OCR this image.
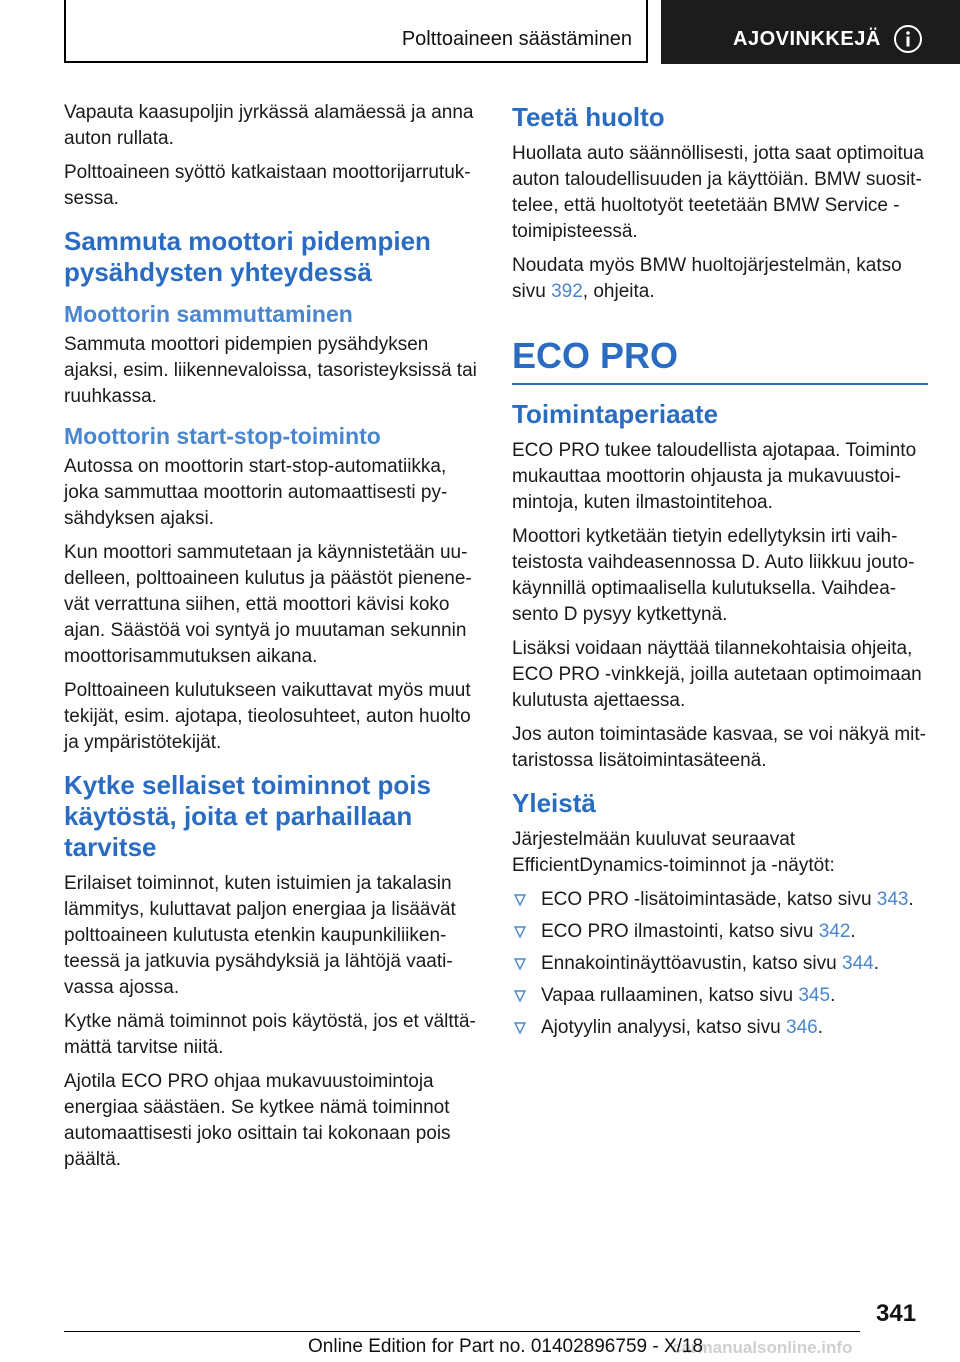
Polttoaineen säästäminen	AJOVINKKEJÄ

Vapauta kaasupoljin jyrkässä alamäessä ja anna auton rullata.

Polttoaineen syöttö katkaistaan moottorijarrutuksessa.

Sammuta moottori pidempien pysähdysten yhteydessä
Moottorin sammuttaminen

Sammuta moottori pidempien pysähdyksen ajaksi, esim. liikennevaloissa, tasoristeyksissä tai ruuhkassa.

Moottorin start-stop-toiminto

Autossa on moottorin start-stop-automatiikka, joka sammuttaa moottorin automaattisesti pysähdyksen ajaksi.

Kun moottori sammutetaan ja käynnistetään uudelleen, polttoaineen kulutus ja päästöt pienenevät verrattuna siihen, että moottori kävisi koko ajan. Säästöä voi syntyä jo muutaman sekunnin moottorisammutuksen aikana.

Polttoaineen kulutukseen vaikuttavat myös muut tekijät, esim. ajotapa, tieolosuhteet, auton huolto ja ympäristötekijät.

Kytke sellaiset toiminnot pois käytöstä, joita et parhaillaan tarvitse

Erilaiset toiminnot, kuten istuimien ja takalasin lämmitys, kuluttavat paljon energiaa ja lisäävät polttoaineen kulutusta etenkin kaupunkiliikenteessä ja jatkuvia pysähdyksiä ja lähtöjä vaativassa ajossa.

Kytke nämä toiminnot pois käytöstä, jos et välttämättä tarvitse niitä.

Ajotila ECO PRO ohjaa mukavuustoimintoja energiaa säästäen. Se kytkee nämä toiminnot automaattisesti joko osittain tai kokonaan pois päältä.

Teetä huolto

Huollata auto säännöllisesti, jotta saat optimoitua auton taloudellisuuden ja käyttöiän. BMW suosittelee, että huoltotyöt teetetään BMW Service -toimipisteessä.

Noudata myös BMW huoltojärjestelmän, katso sivu 392, ohjeita.

ECO PRO
Toimintaperiaate

ECO PRO tukee taloudellista ajotapaa. Toiminto mukauttaa moottorin ohjausta ja mukavuustoimintoja, kuten ilmastointitehoa.

Moottori kytketään tietyin edellytyksin irti vaihteistosta vaihdeasennossa D. Auto liikkuu joutokäynnillä optimaalisella kulutuksella. Vaihdeasento D pysyy kytkettynä.

Lisäksi voidaan näyttää tilannekohtaisia ohjeita, ECO PRO -vinkkejä, joilla autetaan optimoimaan kulutusta ajettaessa.

Jos auton toimintasäde kasvaa, se voi näkyä mittaristossa lisätoimintasäteenä.

Yleistä

Järjestelmään kuuluvat seuraavat EfficientDynamics-toiminnot ja -näytöt:

ECO PRO -lisätoimintasäde, katso sivu 343.
ECO PRO ilmastointi, katso sivu 342.
Ennakointinäyttöavustin, katso sivu 344.
Vapaa rullaaminen, katso sivu 345.
Ajotyylin analyysi, katso sivu 346.
341
carmanualsonline.info
Online Edition for Part no. 01402896759 - X/18
